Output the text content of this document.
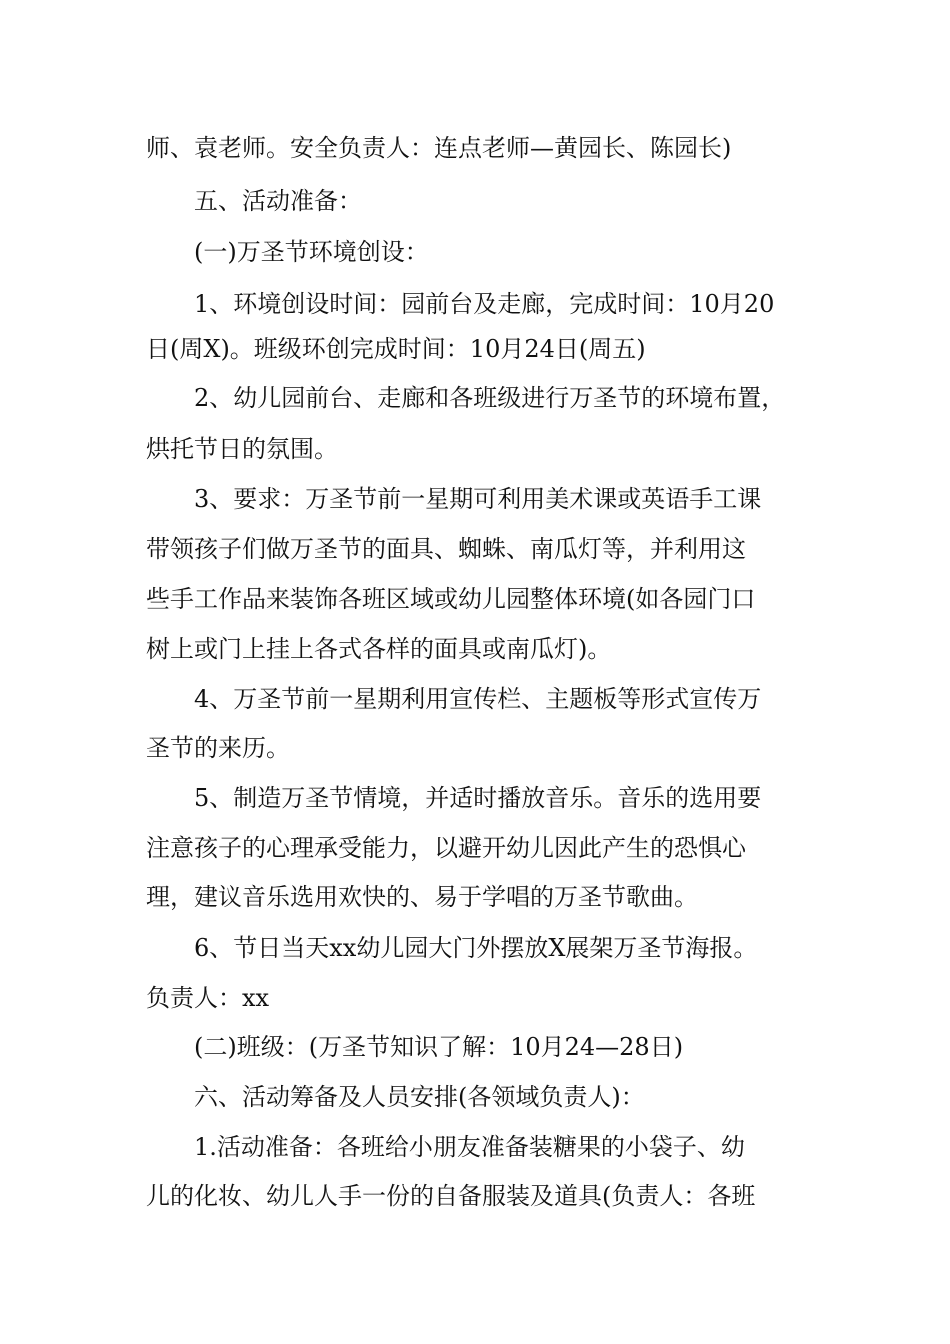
师、袁老师。安全负责人：连点老师—黄园长、陈园长)
五、活动准备：
(一)万圣节环境创设：
1、环境创设时间：园前台及走廊，完成时间：10月20
日(周X)。班级环创完成时间：10月24日(周五)
2、幼儿园前台、走廊和各班级进行万圣节的环境布置，
烘托节日的氛围。
3、要求：万圣节前一星期可利用美术课或英语手工课
带领孩子们做万圣节的面具、蜘蛛、南瓜灯等，并利用这
些手工作品来装饰各班区域或幼儿园整体环境(如各园门口
树上或门上挂上各式各样的面具或南瓜灯)。
4、万圣节前一星期利用宣传栏、主题板等形式宣传万
圣节的来历。
5、制造万圣节情境，并适时播放音乐。音乐的选用要
注意孩子的心理承受能力，以避开幼儿因此产生的恐惧心
理，建议音乐选用欢快的、易于学唱的万圣节歌曲。
6、节日当天xx幼儿园大门外摆放X展架万圣节海报。
负责人：xx
(二)班级：(万圣节知识了解：10月24—28日)
六、活动筹备及人员安排(各领域负责人)：
1.活动准备：各班给小朋友准备装糖果的小袋子、幼
儿的化妆、幼儿人手一份的自备服装及道具(负责人：各班
